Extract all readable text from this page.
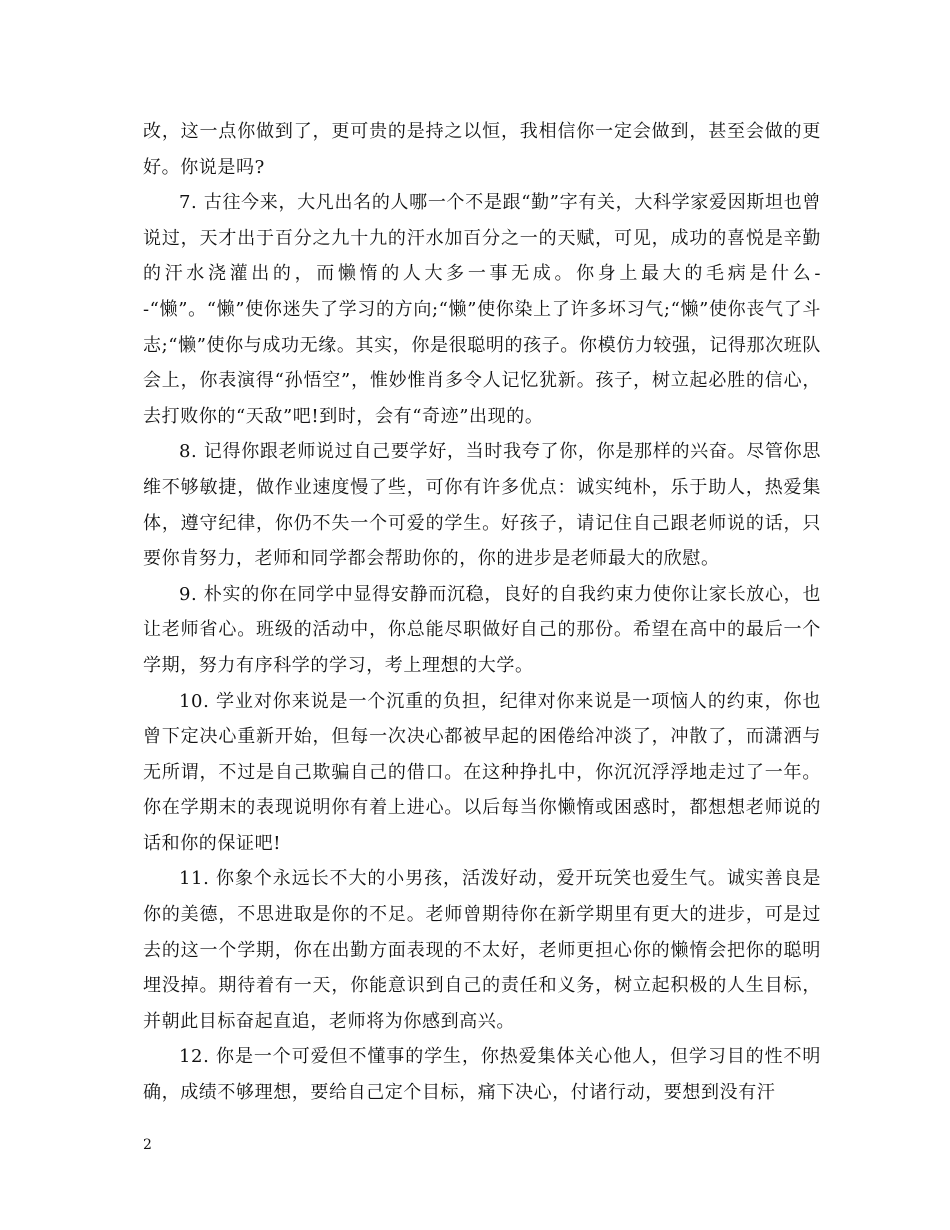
改，这一点你做到了，更可贵的是持之以恒，我相信你一定会做到，甚至会做的更好。你说是吗?

7. 古往今来，大凡出名的人哪一个不是跟“勤”字有关，大科学家爱因斯坦也曾说过，天才出于百分之九十九的汗水加百分之一的天赋，可见，成功的喜悦是辛勤的汗水浇灌出的，而懒惰的人大多一事无成。你身上最大的毛病是什么--“懒”。“懒”使你迷失了学习的方向;“懒”使你染上了许多坏习气;“懒”使你丧气了斗志;“懒”使你与成功无缘。其实，你是很聪明的孩子。你模仿力较强，记得那次班队会上，你表演得“孙悟空”，惟妙惟肖多令人记忆犹新。孩子，树立起必胜的信心，去打败你的“天敌”吧!到时，会有“奇迹”出现的。

8. 记得你跟老师说过自己要学好，当时我夸了你，你是那样的兴奋。尽管你思维不够敏捷，做作业速度慢了些，可你有许多优点：诚实纯朴，乐于助人，热爱集体，遵守纪律，你仍不失一个可爱的学生。好孩子，请记住自己跟老师说的话，只要你肯努力，老师和同学都会帮助你的，你的进步是老师最大的欣慰。

9. 朴实的你在同学中显得安静而沉稳，良好的自我约束力使你让家长放心，也让老师省心。班级的活动中，你总能尽职做好自己的那份。希望在高中的最后一个学期，努力有序科学的学习，考上理想的大学。

10. 学业对你来说是一个沉重的负担，纪律对你来说是一项恼人的约束，你也曾下定决心重新开始，但每一次决心都被早起的困倦给冲淡了，冲散了，而潇洒与无所谓，不过是自己欺骗自己的借口。在这种挣扎中，你沉沉浮浮地走过了一年。你在学期末的表现说明你有着上进心。以后每当你懒惰或困惑时，都想想老师说的话和你的保证吧!

11. 你象个永远长不大的小男孩，活泼好动，爱开玩笑也爱生气。诚实善良是你的美德，不思进取是你的不足。老师曾期待你在新学期里有更大的进步，可是过去的这一个学期，你在出勤方面表现的不太好，老师更担心你的懒惰会把你的聪明埋没掉。期待着有一天，你能意识到自己的责任和义务，树立起积极的人生目标，并朝此目标奋起直追，老师将为你感到高兴。

12. 你是一个可爱但不懂事的学生，你热爱集体关心他人，但学习目的性不明确，成绩不够理想，要给自己定个目标，痛下决心，付诸行动，要想到没有汗

2
